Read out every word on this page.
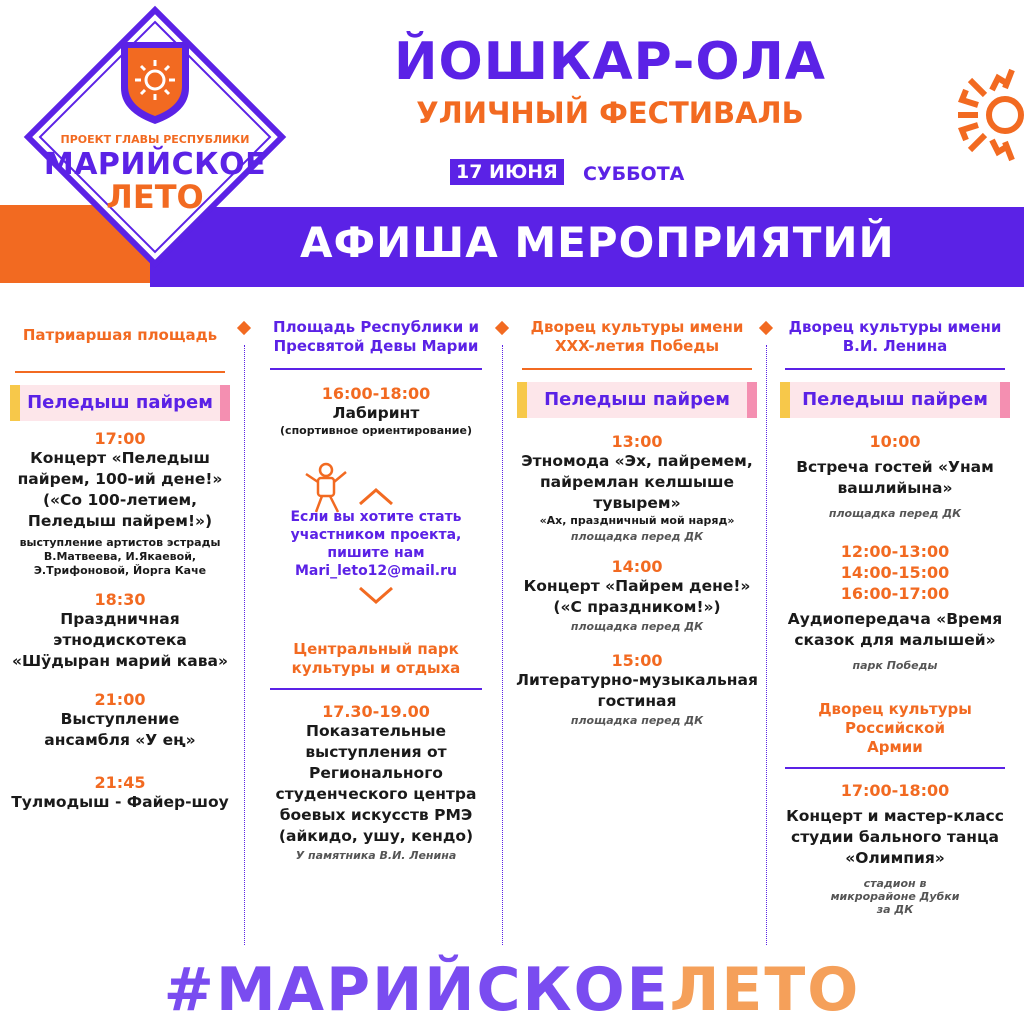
АФИША МЕРОПРИЯТИЙ
ПРОЕКТ ГЛАВЫ РЕСПУБЛИКИ
МАРИЙСКОЕ
ЛЕТО
ЙОШКАР-ОЛА
УЛИЧНЫЙ ФЕСТИВАЛЬ
17 ИЮНЯ	СУББОТА
Патриаршая площадь
Пеледыш пайрем
17:00
Концерт «Пеледыш пайрем, 100-ий дене!» («Со 100-летием, Пеледыш пайрем!»)
выступление артистов эстрады В.Матвеева, И.Якаевой, Э.Трифоновой, Йорга Каче
18:30
Праздничная этнодискотека «Шӱдыран марий кава»
21:00
Выступление ансамбля «У ең»
21:45
Тулмодыш - Файер-шоу
Площадь Республики и Пресвятой Девы Марии
16:00-18:00
Лабиринт
(спортивное ориентирование)
Если вы хотите стать участником проекта, пишите нам
Mari_leto12@mail.ru
Центральный парк культуры и отдыха
17.30-19.00
Показательные выступления от Регионального студенческого центра боевых искусств РМЭ (айкидо, ушу, кендо)
У памятника В.И. Ленина
Дворец культуры имени XXX-летия Победы
Пеледыш пайрем
13:00
Этномода «Эх, пайремем, пайремлан келшыше тувырем»
«Ах, праздничный мой наряд»
площадка перед ДК
14:00
Концерт «Пайрем дене!» («С праздником!»)
площадка перед ДК
15:00
Литературно-музыкальная гостиная
площадка перед ДК
Дворец культуры имени В.И. Ленина
Пеледыш пайрем
10:00
Встреча гостей «Унам вашлийына»
площадка перед ДК
12:00-13:00
14:00-15:00
16:00-17:00
Аудиопередача «Время сказок для малышей»
парк Победы
Дворец культуры Российской Армии
17:00-18:00
Концерт и мастер-класс студии бального танца «Олимпия»
стадион в микрорайоне Дубки за ДК
#МАРИЙСКОЕЛЕТО
